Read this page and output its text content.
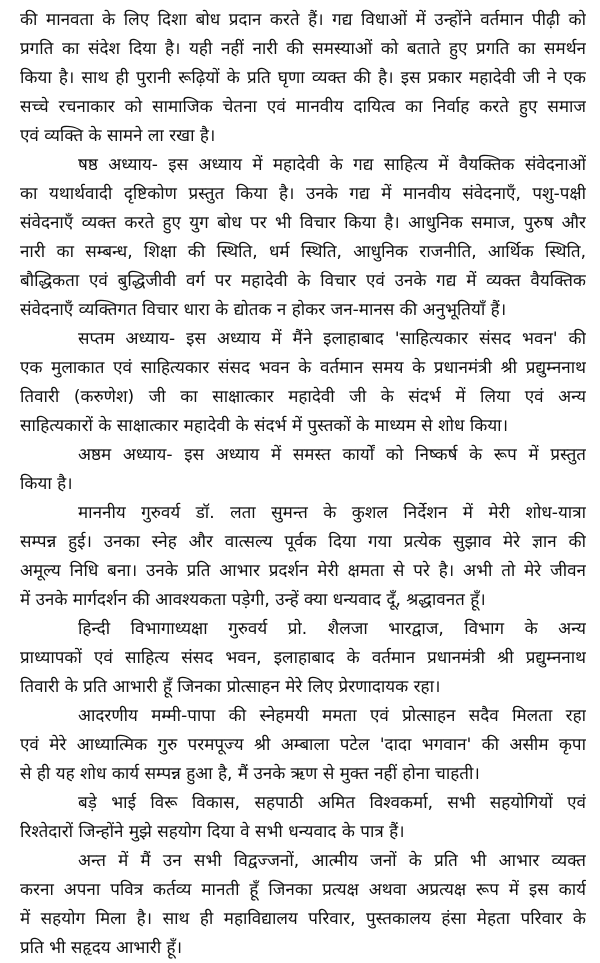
की मानवता के लिए दिशा बोध प्रदान करते हैं। गद्य विधाओं में उन्होंने वर्तमान पीढ़ी को
प्रगति का संदेश दिया है। यही नहीं नारी की समस्याओं को बताते हुए प्रगति का समर्थन
किया है। साथ ही पुरानी रूढ़ियों के प्रति घृणा व्यक्त की है। इस प्रकार महादेवी जी ने एक
सच्चे रचनाकार को सामाजिक चेतना एवं मानवीय दायित्व का निर्वाह करते हुए समाज
एवं व्यक्ति के सामने ला रखा है।
षष्ठ अध्याय- इस अध्याय में महादेवी के गद्य साहित्य में वैयक्तिक संवेदनाओं
का यथार्थवादी दृष्टिकोण प्रस्तुत किया है। उनके गद्य में मानवीय संवेदनाएँ, पशु-पक्षी
संवेदनाएँ व्यक्त करते हुए युग बोध पर भी विचार किया है। आधुनिक समाज, पुरुष और
नारी का सम्बन्ध, शिक्षा की स्थिति, धर्म स्थिति, आधुनिक राजनीति, आर्थिक स्थिति,
बौद्धिकता एवं बुद्धिजीवी वर्ग पर महादेवी के विचार एवं उनके गद्य में व्यक्त वैयक्तिक
संवेदनाएँ व्यक्तिगत विचार धारा के द्योतक न होकर जन-मानस की अनुभूतियाँ हैं।
सप्तम अध्याय- इस अध्याय में मैंने इलाहाबाद 'साहित्यकार संसद भवन' की
एक मुलाकात एवं साहित्यकार संसद भवन के वर्तमान समय के प्रधानमंत्री श्री प्रद्युम्ननाथ
तिवारी (करुणेश) जी का साक्षात्कार महादेवी जी के संदर्भ में लिया एवं अन्य
साहित्यकारों के साक्षात्कार महादेवी के संदर्भ में पुस्तकों के माध्यम से शोध किया।
अष्ठम अध्याय- इस अध्याय में समस्त कार्यों को निष्कर्ष के रूप में प्रस्तुत
किया है।
माननीय गुरुवर्य डॉ. लता सुमन्त के कुशल निर्देशन में मेरी शोध-यात्रा
सम्पन्न हुई। उनका स्नेह और वात्सल्य पूर्वक दिया गया प्रत्येक सुझाव मेरे ज्ञान की
अमूल्य निधि बना। उनके प्रति आभार प्रदर्शन मेरी क्षमता से परे है। अभी तो मेरे जीवन
में उनके मार्गदर्शन की आवश्यकता पड़ेगी, उन्हें क्या धन्यवाद दूँ, श्रद्धावनत हूँ।
हिन्दी विभागाध्यक्षा गुरुवर्य प्रो. शैलजा भारद्वाज, विभाग के अन्य
प्राध्यापकों एवं साहित्य संसद भवन, इलाहाबाद के वर्तमान प्रधानमंत्री श्री प्रद्युम्ननाथ
तिवारी के प्रति आभारी हूँ जिनका प्रोत्साहन मेरे लिए प्रेरणादायक रहा।
आदरणीय मम्मी-पापा की स्नेहमयी ममता एवं प्रोत्साहन सदैव मिलता रहा
एवं मेरे आध्यात्मिक गुरु परमपूज्य श्री अम्बाला पटेल 'दादा भगवान' की असीम कृपा
से ही यह शोध कार्य सम्पन्न हुआ है, मैं उनके ऋण से मुक्त नहीं होना चाहती।
बड़े भाई विरू विकास, सहपाठी अमित विश्वकर्मा, सभी सहयोगियों एवं
रिश्तेदारों जिन्होंने मुझे सहयोग दिया वे सभी धन्यवाद के पात्र हैं।
अन्त में मैं उन सभी विद्वज्जनों, आत्मीय जनों के प्रति भी आभार व्यक्त
करना अपना पवित्र कर्तव्य मानती हूँ जिनका प्रत्यक्ष अथवा अप्रत्यक्ष रूप में इस कार्य
में सहयोग मिला है। साथ ही महाविद्यालय परिवार, पुस्तकालय हंसा मेहता परिवार के
प्रति भी सहृदय आभारी हूँ।
